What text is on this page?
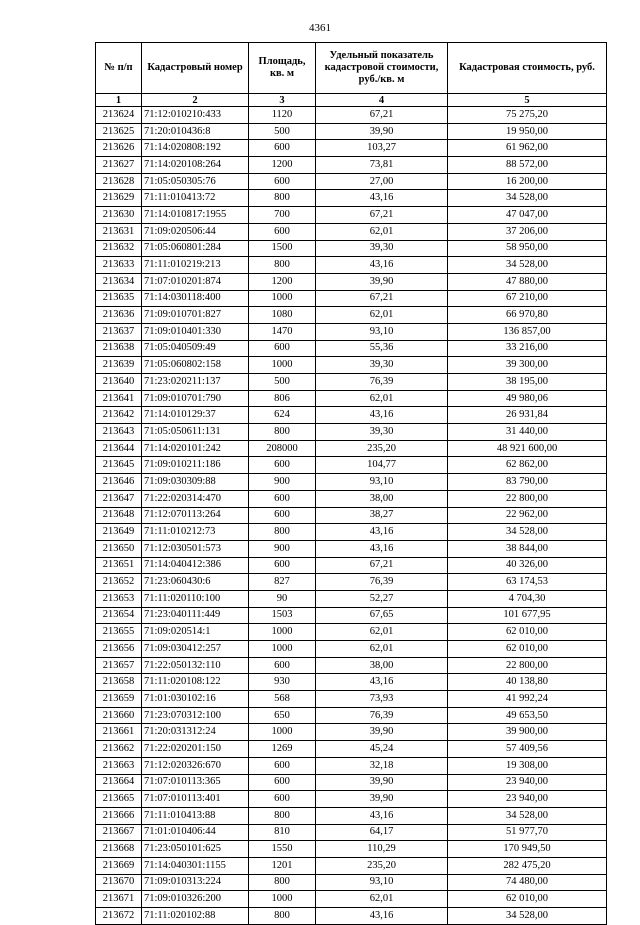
4361
№ п/п	Кадастровый номер	Площадь, кв. м	Удельный показатель кадастровой стоимости, руб./кв. м	Кадастровая стоимость, руб.
1	2	3	4	5
213624	71:12:010210:433	1120	67,21	75 275,20
213625	71:20:010436:8	500	39,90	19 950,00
213626	71:14:020808:192	600	103,27	61 962,00
213627	71:14:020108:264	1200	73,81	88 572,00
213628	71:05:050305:76	600	27,00	16 200,00
213629	71:11:010413:72	800	43,16	34 528,00
213630	71:14:010817:1955	700	67,21	47 047,00
213631	71:09:020506:44	600	62,01	37 206,00
213632	71:05:060801:284	1500	39,30	58 950,00
213633	71:11:010219:213	800	43,16	34 528,00
213634	71:07:010201:874	1200	39,90	47 880,00
213635	71:14:030118:400	1000	67,21	67 210,00
213636	71:09:010701:827	1080	62,01	66 970,80
213637	71:09:010401:330	1470	93,10	136 857,00
213638	71:05:040509:49	600	55,36	33 216,00
213639	71:05:060802:158	1000	39,30	39 300,00
213640	71:23:020211:137	500	76,39	38 195,00
213641	71:09:010701:790	806	62,01	49 980,06
213642	71:14:010129:37	624	43,16	26 931,84
213643	71:05:050611:131	800	39,30	31 440,00
213644	71:14:020101:242	208000	235,20	48 921 600,00
213645	71:09:010211:186	600	104,77	62 862,00
213646	71:09:030309:88	900	93,10	83 790,00
213647	71:22:020314:470	600	38,00	22 800,00
213648	71:12:070113:264	600	38,27	22 962,00
213649	71:11:010212:73	800	43,16	34 528,00
213650	71:12:030501:573	900	43,16	38 844,00
213651	71:14:040412:386	600	67,21	40 326,00
213652	71:23:060430:6	827	76,39	63 174,53
213653	71:11:020110:100	90	52,27	4 704,30
213654	71:23:040111:449	1503	67,65	101 677,95
213655	71:09:020514:1	1000	62,01	62 010,00
213656	71:09:030412:257	1000	62,01	62 010,00
213657	71:22:050132:110	600	38,00	22 800,00
213658	71:11:020108:122	930	43,16	40 138,80
213659	71:01:030102:16	568	73,93	41 992,24
213660	71:23:070312:100	650	76,39	49 653,50
213661	71:20:031312:24	1000	39,90	39 900,00
213662	71:22:020201:150	1269	45,24	57 409,56
213663	71:12:020326:670	600	32,18	19 308,00
213664	71:07:010113:365	600	39,90	23 940,00
213665	71:07:010113:401	600	39,90	23 940,00
213666	71:11:010413:88	800	43,16	34 528,00
213667	71:01:010406:44	810	64,17	51 977,70
213668	71:23:050101:625	1550	110,29	170 949,50
213669	71:14:040301:1155	1201	235,20	282 475,20
213670	71:09:010313:224	800	93,10	74 480,00
213671	71:09:010326:200	1000	62,01	62 010,00
213672	71:11:020102:88	800	43,16	34 528,00
